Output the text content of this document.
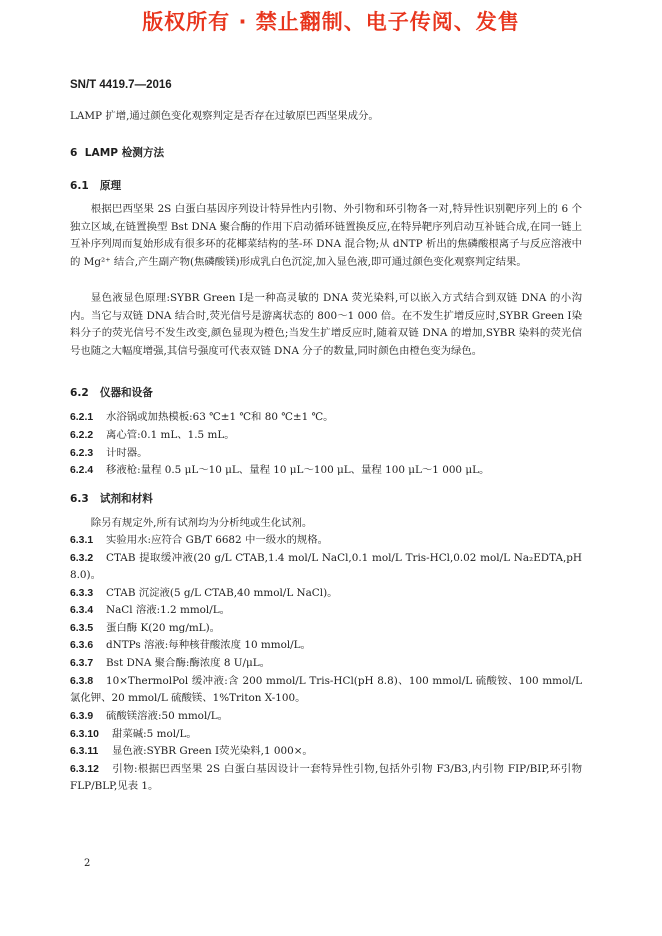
版权所有 · 禁止翻制、电子传阅、发售
SN/T 4419.7—2016
LAMP 扩增,通过颜色变化观察判定是否存在过敏原巴西坚果成分。
6 LAMP 检测方法
6.1 原理
根据巴西坚果 2S 白蛋白基因序列设计特异性内引物、外引物和环引物各一对,特异性识别靶序列上的 6 个独立区域,在链置换型 Bst DNA 聚合酶的作用下启动循环链置换反应,在特异靶序列启动互补链合成,在同一链上互补序列周而复始形成有很多环的花椰菜结构的茎-环 DNA 混合物;从 dNTP 析出的焦磷酸根离子与反应溶液中的 Mg²⁺ 结合,产生副产物(焦磷酸镁)形成乳白色沉淀,加入显色液,即可通过颜色变化观察判定结果。
显色液显色原理:SYBR Green Ⅰ是一种高灵敏的 DNA 荧光染料,可以嵌入方式结合到双链 DNA 的小沟内。当它与双链 DNA 结合时,荧光信号是游离状态的 800～1 000 倍。在不发生扩增反应时,SYBR Green Ⅰ染料分子的荧光信号不发生改变,颜色显现为橙色;当发生扩增反应时,随着双链 DNA 的增加,SYBR 染料的荧光信号也随之大幅度增强,其信号强度可代表双链 DNA 分子的数量,同时颜色由橙色变为绿色。
6.2 仪器和设备
6.2.1 水浴锅或加热模板:63 ℃±1 ℃和 80 ℃±1 ℃。
6.2.2 离心管:0.1 mL、1.5 mL。
6.2.3 计时器。
6.2.4 移液枪:量程 0.5 μL～10 μL、量程 10 μL～100 μL、量程 100 μL～1 000 μL。
6.3 试剂和材料
除另有规定外,所有试剂均为分析纯或生化试剂。
6.3.1 实验用水:应符合 GB/T 6682 中一级水的规格。
6.3.2 CTAB 提取缓冲液(20 g/L CTAB,1.4 mol/L NaCl,0.1 mol/L Tris-HCl,0.02 mol/L Na₂EDTA,pH 8.0)。
6.3.3 CTAB 沉淀液(5 g/L CTAB,40 mmol/L NaCl)。
6.3.4 NaCl 溶液:1.2 mmol/L。
6.3.5 蛋白酶 K(20 mg/mL)。
6.3.6 dNTPs 溶液:每种核苷酸浓度 10 mmol/L。
6.3.7 Bst DNA 聚合酶:酶浓度 8 U/μL。
6.3.8 10×ThermolPol 缓冲液:含 200 mmol/L Tris-HCl(pH 8.8)、100 mmol/L 硫酸铵、100 mmol/L 氯化钾、20 mmol/L 硫酸镁、1%Triton X-100。
6.3.9 硫酸镁溶液:50 mmol/L。
6.3.10 甜菜碱:5 mol/L。
6.3.11 显色液:SYBR Green Ⅰ荧光染料,1 000×。
6.3.12 引物:根据巴西坚果 2S 白蛋白基因设计一套特异性引物,包括外引物 F3/B3,内引物 FIP/BIP,环引物 FLP/BLP,见表 1。
2
